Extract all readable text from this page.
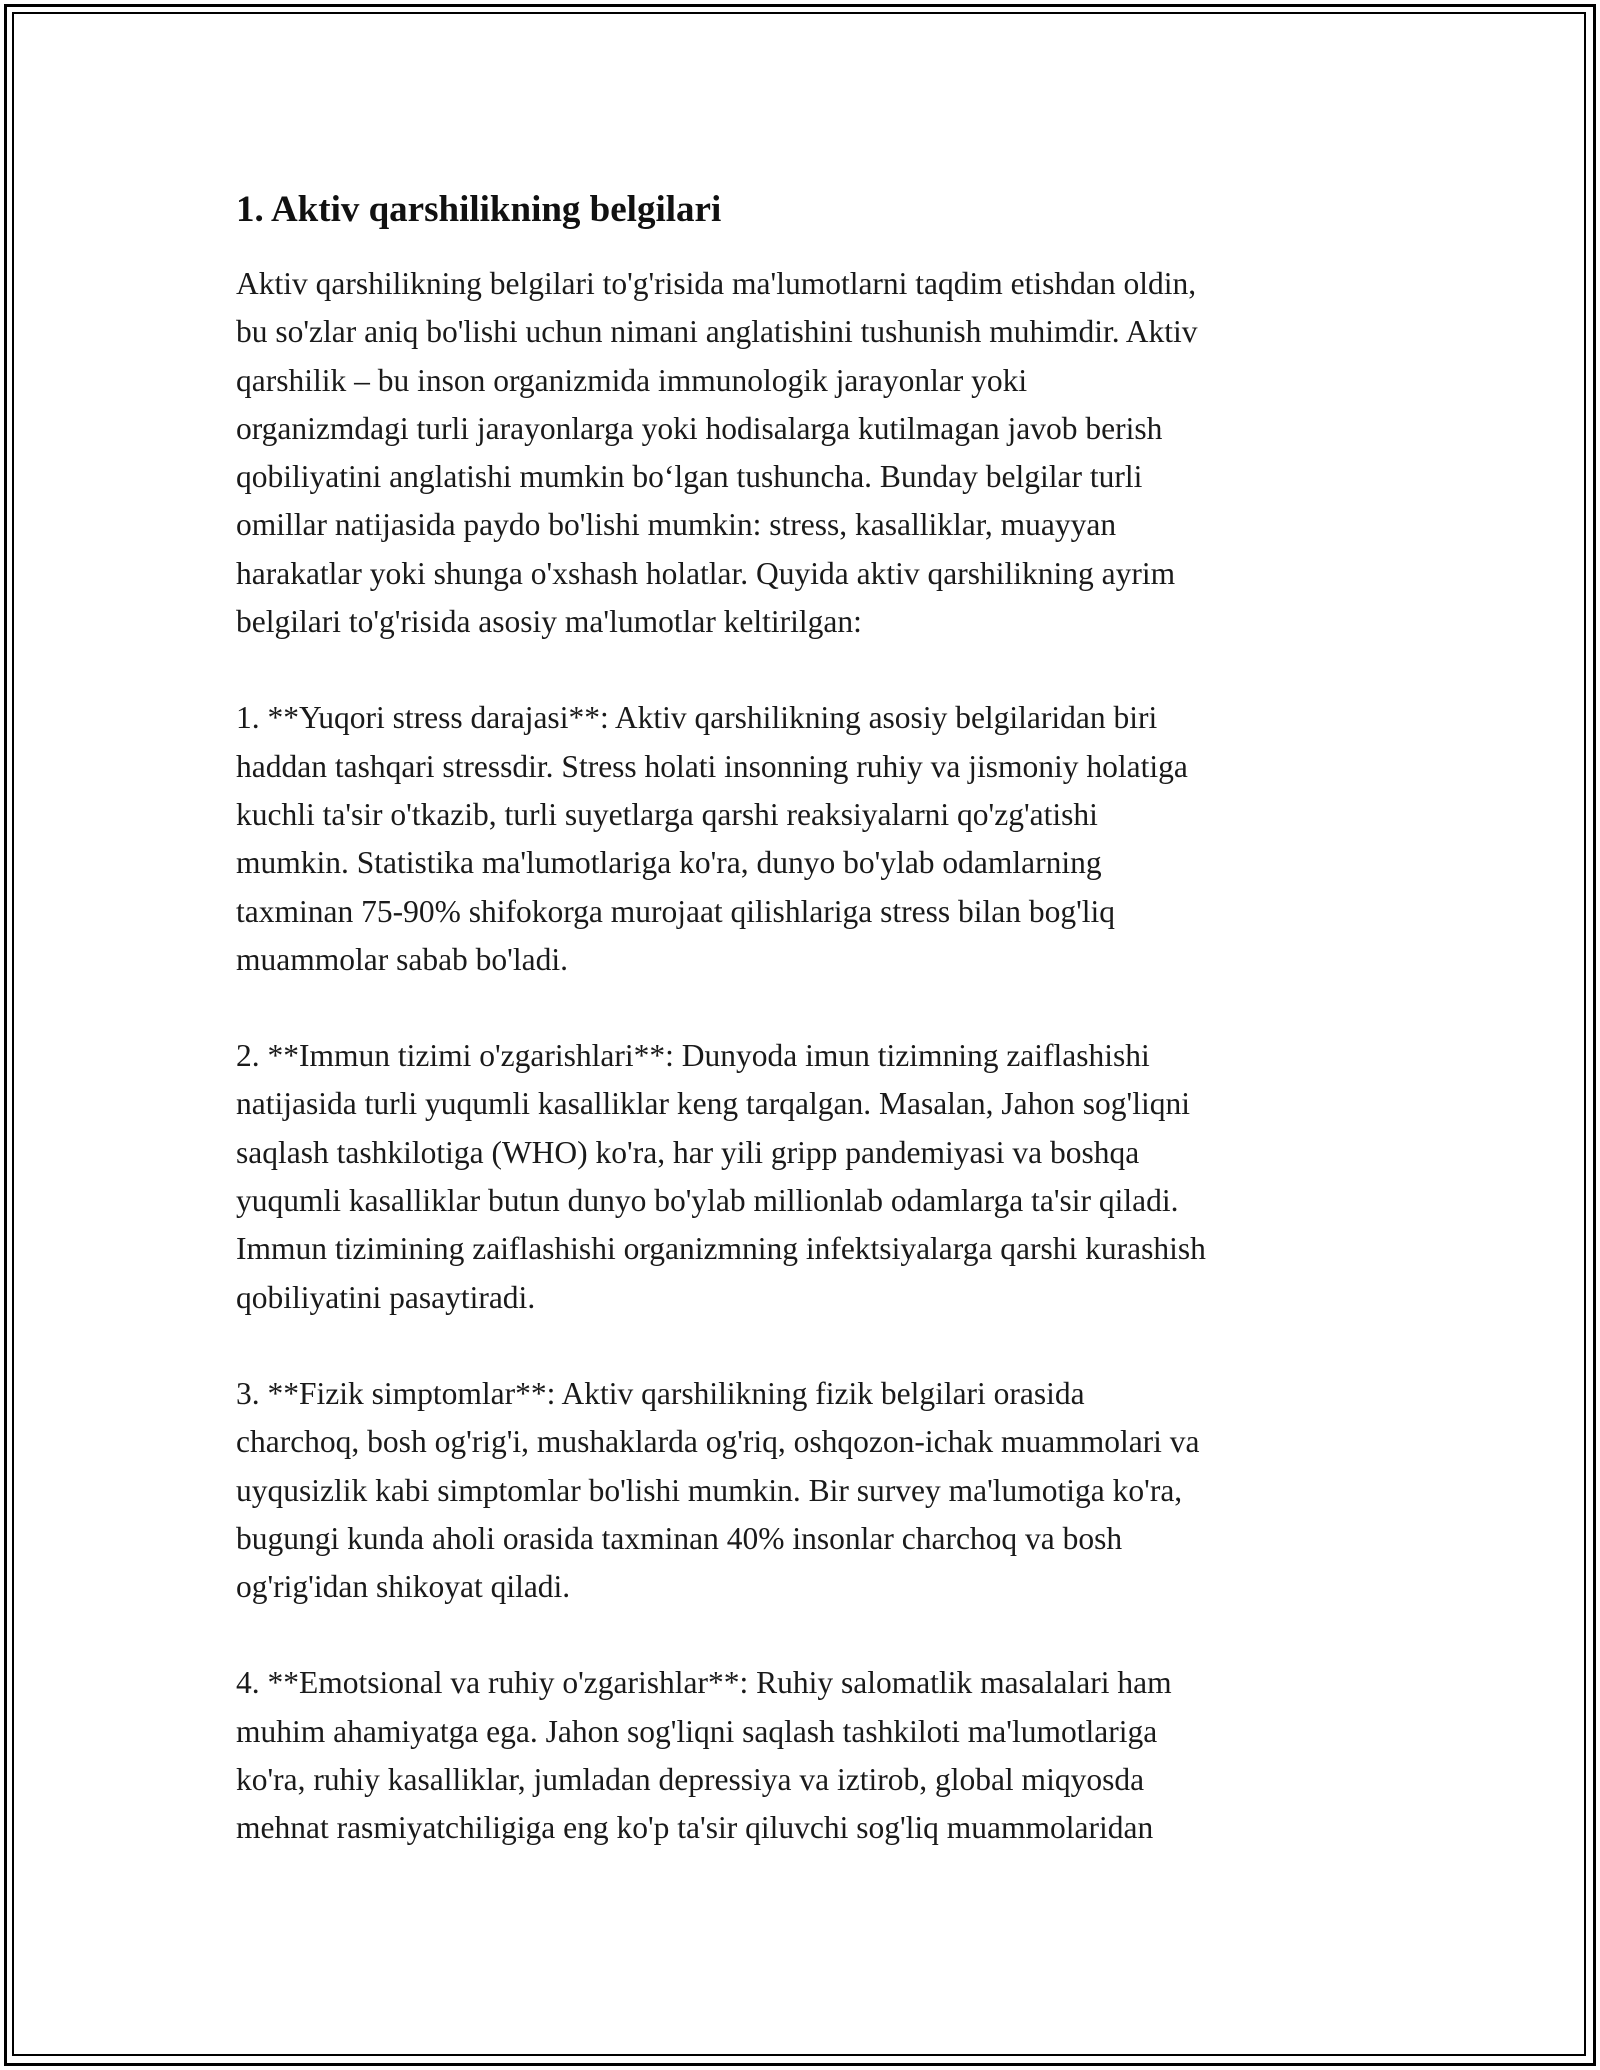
1. Aktiv qarshilikning belgilari

Aktiv qarshilikning belgilari to'g'risida ma'lumotlarni taqdim etishdan oldin,
bu so'zlar aniq bo'lishi uchun nimani anglatishini tushunish muhimdir. Aktiv
qarshilik – bu inson organizmida immunologik jarayonlar yoki
organizmdagi turli jarayonlarga yoki hodisalarga kutilmagan javob berish
qobiliyatini anglatishi mumkin boʻlgan tushuncha. Bunday belgilar turli
omillar natijasida paydo bo'lishi mumkin: stress, kasalliklar, muayyan
harakatlar yoki shunga o'xshash holatlar. Quyida aktiv qarshilikning ayrim
belgilari to'g'risida asosiy ma'lumotlar keltirilgan:

1. **Yuqori stress darajasi**: Aktiv qarshilikning asosiy belgilaridan biri
haddan tashqari stressdir. Stress holati insonning ruhiy va jismoniy holatiga
kuchli ta'sir o'tkazib, turli suyetlarga qarshi reaksiyalarni qo'zg'atishi
mumkin. Statistika ma'lumotlariga ko'ra, dunyo bo'ylab odamlarning
taxminan 75-90% shifokorga murojaat qilishlariga stress bilan bog'liq
muammolar sabab bo'ladi.

2. **Immun tizimi o'zgarishlari**: Dunyoda imun tizimning zaiflashishi
natijasida turli yuqumli kasalliklar keng tarqalgan. Masalan, Jahon sog'liqni
saqlash tashkilotiga (WHO) ko'ra, har yili gripp pandemiyasi va boshqa
yuqumli kasalliklar butun dunyo bo'ylab millionlab odamlarga ta'sir qiladi.
Immun tizimining zaiflashishi organizmning infektsiyalarga qarshi kurashish
qobiliyatini pasaytiradi.

3. **Fizik simptomlar**: Aktiv qarshilikning fizik belgilari orasida
charchoq, bosh og'rig'i, mushaklarda og'riq, oshqozon-ichak muammolari va
uyqusizlik kabi simptomlar bo'lishi mumkin. Bir survey ma'lumotiga ko'ra,
bugungi kunda aholi orasida taxminan 40% insonlar charchoq va bosh
og'rig'idan shikoyat qiladi.

4. **Emotsional va ruhiy o'zgarishlar**: Ruhiy salomatlik masalalari ham
muhim ahamiyatga ega. Jahon sog'liqni saqlash tashkiloti ma'lumotlariga
ko'ra, ruhiy kasalliklar, jumladan depressiya va iztirob, global miqyosda
mehnat rasmiyatchiligiga eng ko'p ta'sir qiluvchi sog'liq muammolaridan
